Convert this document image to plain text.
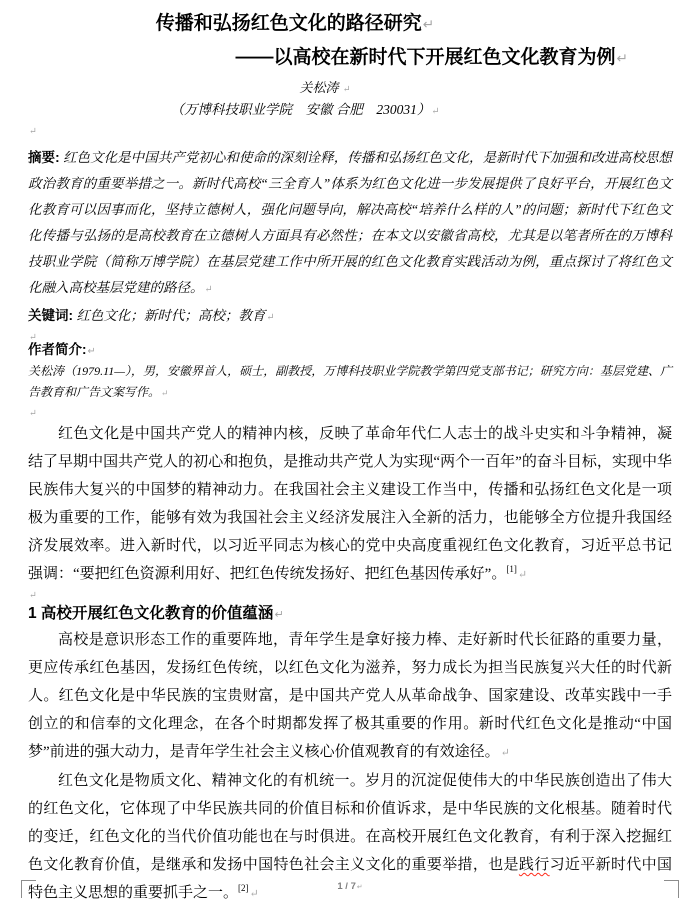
传播和弘扬红色文化的路径研究↵
——以高校在新时代下开展红色文化教育为例↵
关松涛 ↵
（万博科技职业学院　安徽 合肥　230031）↵
↵

摘要: 红色文化是中国共产党初心和使命的深刻诠释，传播和弘扬红色文化，是新时代下加强和改进高校思想政治教育的重要举措之一。新时代高校“三全育人”体系为红色文化进一步发展提供了良好平台，开展红色文化教育可以因事而化，坚持立德树人，强化问题导向，解决高校“培养什么样的人”的问题；新时代下红色文化传播与弘扬的是高校教育在立德树人方面具有必然性；在本文以安徽省高校，尤其是以笔者所在的万博科技职业学院（简称万博学院）在基层党建工作中所开展的红色文化教育实践活动为例，重点探讨了将红色文化融入高校基层党建的路径。↵

关键词: 红色文化；新时代；高校；教育↵

↵

作者简介:↵

关松涛（1979.11—），男，安徽界首人，硕士，副教授，万博科技职业学院教学第四党支部书记；研究方向：基层党建、广告教育和广告文案写作。↵

↵

红色文化是中国共产党人的精神内核，反映了革命年代仁人志士的战斗史实和斗争精神，凝结了早期中国共产党人的初心和抱负，是推动共产党人为实现“两个一百年”的奋斗目标，实现中华民族伟大复兴的中国梦的精神动力。在我国社会主义建设工作当中，传播和弘扬红色文化是一项极为重要的工作，能够有效为我国社会主义经济发展注入全新的活力，也能够全方位提升我国经济发展效率。进入新时代，以习近平同志为核心的党中央高度重视红色文化教育，习近平总书记强调：“要把红色资源利用好、把红色传统发扬好、把红色基因传承好”。[1]↵

↵

1 高校开展红色文化教育的价值蕴涵↵

高校是意识形态工作的重要阵地，青年学生是拿好接力棒、走好新时代长征路的重要力量，更应传承红色基因，发扬红色传统，以红色文化为滋养，努力成长为担当民族复兴大任的时代新人。红色文化是中华民族的宝贵财富，是中国共产党人从革命战争、国家建设、改革实践中一手创立的和信奉的文化理念，在各个时期都发挥了极其重要的作用。新时代红色文化是推动“中国梦”前进的强大动力，是青年学生社会主义核心价值观教育的有效途径。↵

红色文化是物质文化、精神文化的有机统一。岁月的沉淀促使伟大的中华民族创造出了伟大的红色文化，它体现了中华民族共同的价值目标和价值诉求，是中华民族的文化根基。随着时代的变迁，红色文化的当代价值功能也在与时俱进。在高校开展红色文化教育，有利于深入挖掘红色文化教育价值，是继承和发扬中国特色社会主义文化的重要举措，也是践行习近平新时代中国特色主义思想的重要抓手之一。[2]↵

1 / 7↵
